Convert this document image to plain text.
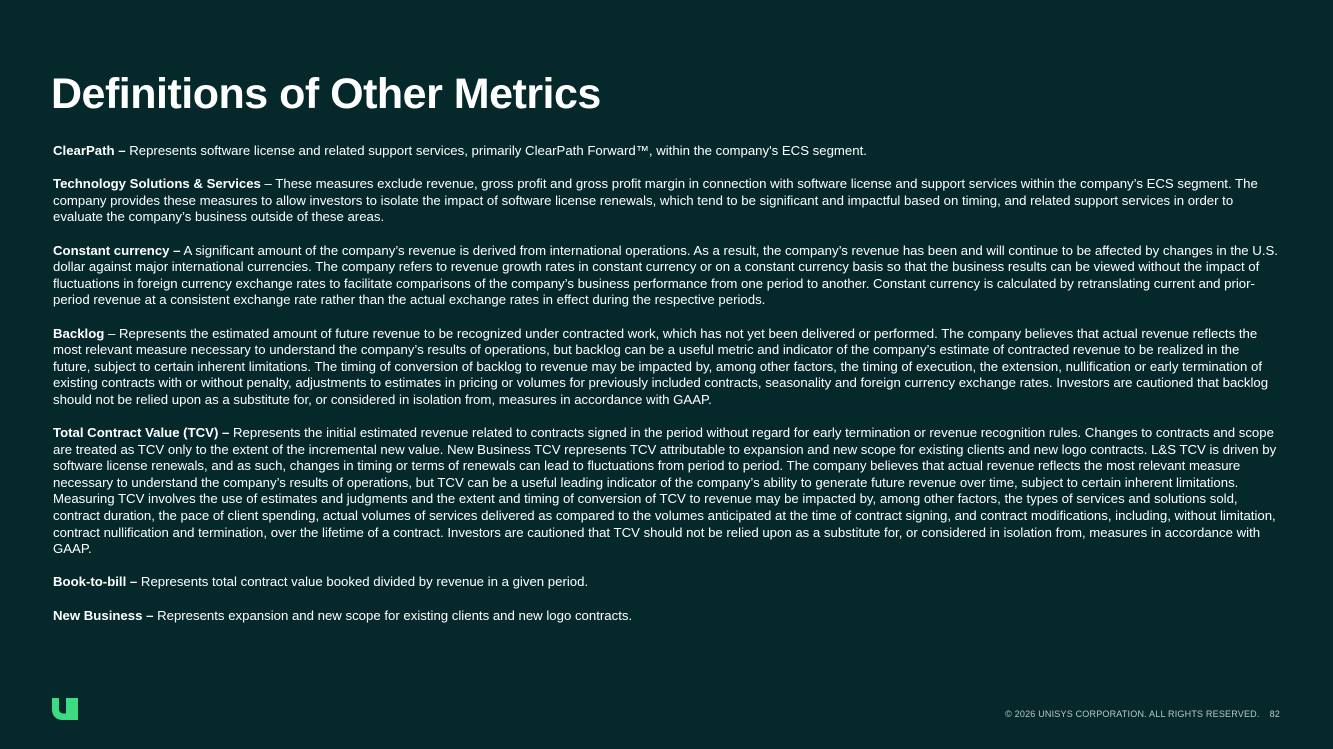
Definitions of Other Metrics

ClearPath – Represents software license and related support services, primarily ClearPath Forward™, within the company's ECS segment.

Technology Solutions & Services – These measures exclude revenue, gross profit and gross profit margin in connection with software license and support services within the company’s ECS segment. The company provides these measures to allow investors to isolate the impact of software license renewals, which tend to be significant and impactful based on timing, and related support services in order to evaluate the company’s business outside of these areas.

Constant currency – A significant amount of the company’s revenue is derived from international operations. As a result, the company’s revenue has been and will continue to be affected by changes in the U.S. dollar against major international currencies. The company refers to revenue growth rates in constant currency or on a constant currency basis so that the business results can be viewed without the impact of fluctuations in foreign currency exchange rates to facilitate comparisons of the company’s business performance from one period to another. Constant currency is calculated by retranslating current and prior-period revenue at a consistent exchange rate rather than the actual exchange rates in effect during the respective periods.

Backlog – Represents the estimated amount of future revenue to be recognized under contracted work, which has not yet been delivered or performed. The company believes that actual revenue reflects the most relevant measure necessary to understand the company’s results of operations, but backlog can be a useful metric and indicator of the company’s estimate of contracted revenue to be realized in the future, subject to certain inherent limitations. The timing of conversion of backlog to revenue may be impacted by, among other factors, the timing of execution, the extension, nullification or early termination of existing contracts with or without penalty, adjustments to estimates in pricing or volumes for previously included contracts, seasonality and foreign currency exchange rates. Investors are cautioned that backlog should not be relied upon as a substitute for, or considered in isolation from, measures in accordance with GAAP.

Total Contract Value (TCV) – Represents the initial estimated revenue related to contracts signed in the period without regard for early termination or revenue recognition rules. Changes to contracts and scope are treated as TCV only to the extent of the incremental new value. New Business TCV represents TCV attributable to expansion and new scope for existing clients and new logo contracts. L&S TCV is driven by software license renewals, and as such, changes in timing or terms of renewals can lead to fluctuations from period to period. The company believes that actual revenue reflects the most relevant measure necessary to understand the company’s results of operations, but TCV can be a useful leading indicator of the company’s ability to generate future revenue over time, subject to certain inherent limitations. Measuring TCV involves the use of estimates and judgments and the extent and timing of conversion of TCV to revenue may be impacted by, among other factors, the types of services and solutions sold, contract duration, the pace of client spending, actual volumes of services delivered as compared to the volumes anticipated at the time of contract signing, and contract modifications, including, without limitation, contract nullification and termination, over the lifetime of a contract. Investors are cautioned that TCV should not be relied upon as a substitute for, or considered in isolation from, measures in accordance with GAAP.

Book-to-bill – Represents total contract value booked divided by revenue in a given period.

New Business – Represents expansion and new scope for existing clients and new logo contracts.

© 2026 UNISYS CORPORATION. ALL RIGHTS RESERVED. 82
